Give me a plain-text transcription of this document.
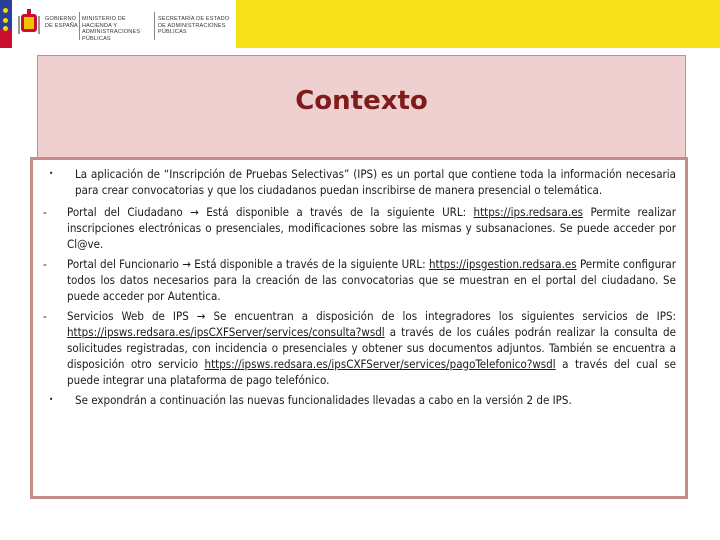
GOBIERNO DE ESPAÑA
MINISTERIO DE HACIENDA Y ADMINISTRACIONES PÚBLICAS
SECRETARÍA DE ESTADO DE ADMINISTRACIONES PÚBLICAS
Contexto
• La aplicación de “Inscripción de Pruebas Selectivas” (IPS) es un portal que contiene toda la información necesaria para crear convocatorias y que los ciudadanos puedan inscribirse de manera presencial o telemática.
- Portal del Ciudadano → Está disponible a través de la siguiente URL: https://ips.redsara.es Permite realizar inscripciones electrónicas o presenciales, modificaciones sobre las mismas y subsanaciones. Se puede acceder por Cl@ve.
- Portal del Funcionario → Está disponible a través de la siguiente URL: https://ipsgestion.redsara.es Permite configurar todos los datos necesarios para la creación de las convocatorias que se muestran en el portal del ciudadano. Se puede acceder por Autentica.
- Servicios Web de IPS → Se encuentran a disposición de los integradores los siguientes servicios de IPS: https://ipsws.redsara.es/ipsCXFServer/services/consulta?wsdl a través de los cuáles podrán realizar la consulta de solicitudes registradas, con incidencia o presenciales y obtener sus documentos adjuntos. También se encuentra a disposición otro servicio https://ipsws.redsara.es/ipsCXFServer/services/pagoTelefonico?wsdl a través del cual se puede integrar una plataforma de pago telefónico.
• Se expondrán a continuación las nuevas funcionalidades llevadas a cabo en la versión 2 de IPS.
